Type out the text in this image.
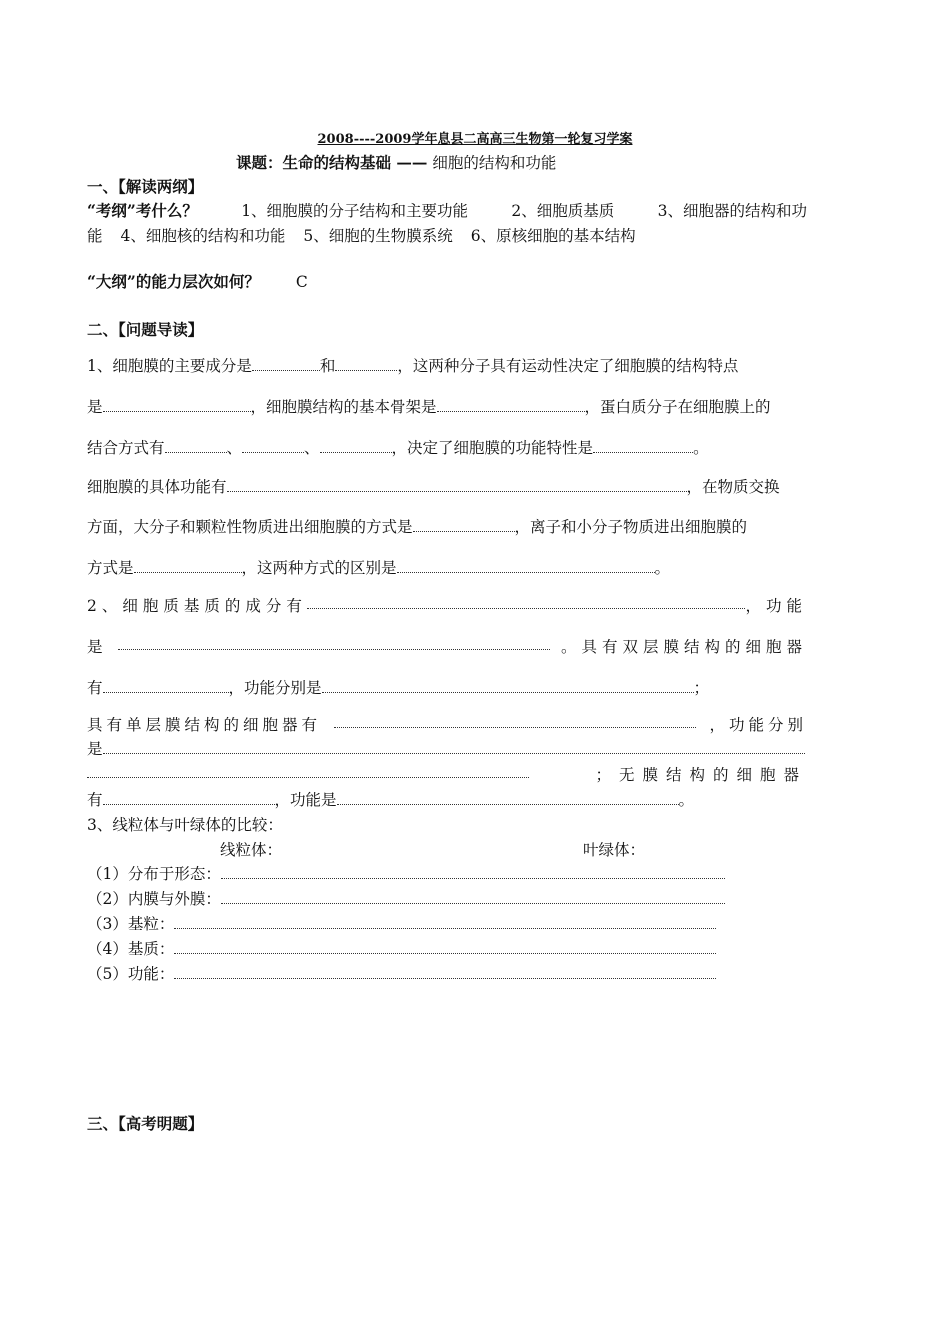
2008----2009学年息县二高高三生物第一轮复习学案
课题：生命的结构基础 —— 细胞的结构和功能
一、【解读两纲】
“考纲”考什么？	1、细胞膜的分子结构和主要功能	2、细胞质基质	3、细胞器的结构和功
能 4、细胞核的结构和功能 5、细胞的生物膜系统 6、原核细胞的基本结构
“大纲”的能力层次如何？ C
二、【问题导读】
1、细胞膜的主要成分是	和	，这两种分子具有运动性决定了细胞膜的结构特点
是	，细胞膜结构的基本骨架是	，蛋白质分子在细胞膜上的
结合方式有	、	、	，决定了细胞膜的功能特性是	。
细胞膜的具体功能有	，在物质交换
方面，大分子和颗粒性物质进出细胞膜的方式是	，离子和小分子物质进出细胞膜的
方式是	，这两种方式的区别是	。
2、细胞质基质的成分有	，功能
是	。具有双层膜结构的细胞器
有	，功能分别是	；
具有单层膜结构的细胞器有	，功能分别
是
；无膜结构的细胞器
有	，功能是	。
3、线粒体与叶绿体的比较：
线粒体：	叶绿体：
（1）分布于形态：
（2）内膜与外膜：
（3）基粒：
（4）基质：
（5）功能：
三、【高考明题】
